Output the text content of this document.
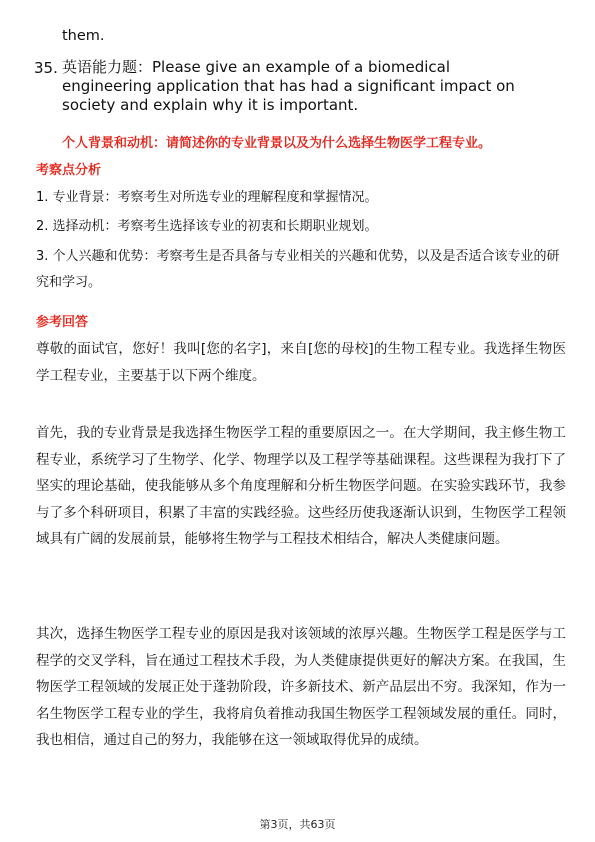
them.

35. 英语能力题：Please give an example of a biomedical engineering application that has had a significant impact on society and explain why it is important.

个人背景和动机：请简述你的专业背景以及为什么选择生物医学工程专业。

考察点分析

1. 专业背景：考察考生对所选专业的理解程度和掌握情况。

2. 选择动机：考察考生选择该专业的初衷和长期职业规划。

3. 个人兴趣和优势：考察考生是否具备与专业相关的兴趣和优势，以及是否适合该专业的研究和学习。

参考回答

尊敬的面试官，您好！我叫[您的名字]，来自[您的母校]的生物工程专业。我选择生物医学工程专业，主要基于以下两个维度。

首先，我的专业背景是我选择生物医学工程的重要原因之一。在大学期间，我主修生物工程专业，系统学习了生物学、化学、物理学以及工程学等基础课程。这些课程为我打下了坚实的理论基础，使我能够从多个角度理解和分析生物医学问题。在实验实践环节，我参与了多个科研项目，积累了丰富的实践经验。这些经历使我逐渐认识到，生物医学工程领域具有广阔的发展前景，能够将生物学与工程技术相结合，解决人类健康问题。

其次，选择生物医学工程专业的原因是我对该领域的浓厚兴趣。生物医学工程是医学与工程学的交叉学科，旨在通过工程技术手段，为人类健康提供更好的解决方案。在我国，生物医学工程领域的发展正处于蓬勃阶段，许多新技术、新产品层出不穷。我深知，作为一名生物医学工程专业的学生，我将肩负着推动我国生物医学工程领域发展的重任。同时，我也相信，通过自己的努力，我能够在这一领域取得优异的成绩。

第3页，共63页
